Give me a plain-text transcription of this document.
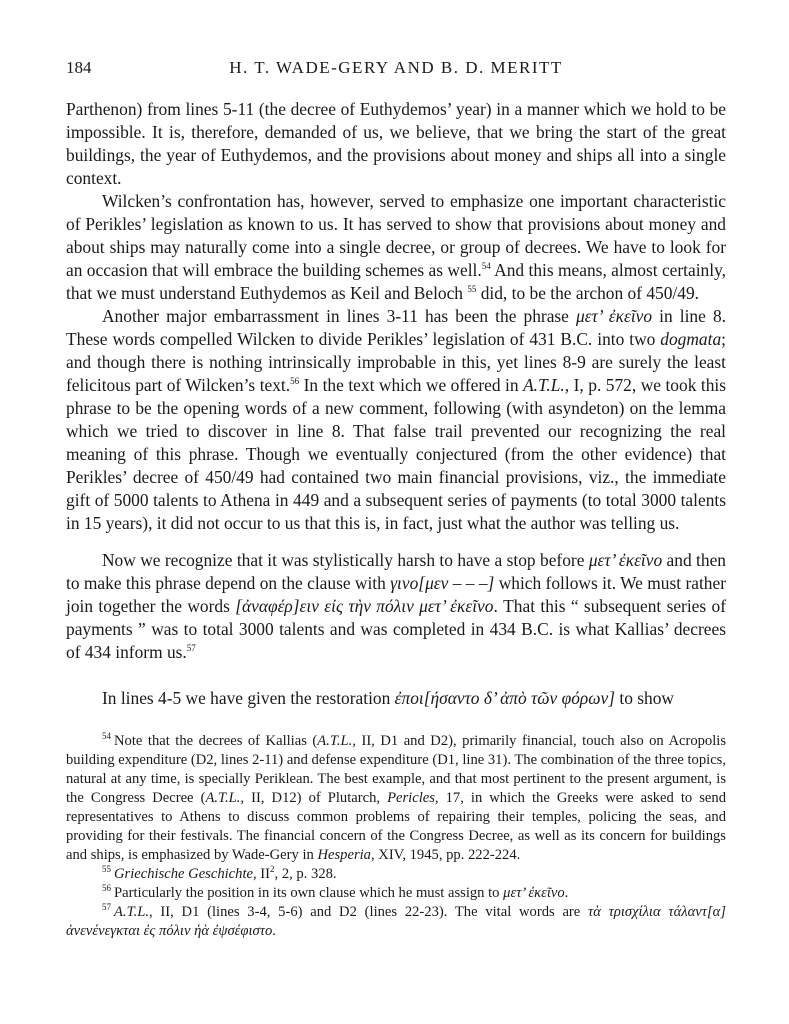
184	H. T. WADE-GERY AND B. D. MERITT

Parthenon) from lines 5-11 (the decree of Euthydemos’ year) in a manner which we hold to be impossible. It is, therefore, demanded of us, we believe, that we bring the start of the great buildings, the year of Euthydemos, and the provisions about money and ships all into a single context.

Wilcken’s confrontation has, however, served to emphasize one important characteristic of Perikles’ legislation as known to us. It has served to show that provisions about money and about ships may naturally come into a single decree, or group of decrees. We have to look for an occasion that will embrace the building schemes as well.$^{54}$ And this means, almost certainly, that we must understand Euthydemos as Keil and Beloch $^{55}$ did, to be the archon of 450/49.

Another major embarrassment in lines 3-11 has been the phrase μετ’ ἐκεῖνο in line 8. These words compelled Wilcken to divide Perikles’ legislation of 431 B.C. into two dogmata; and though there is nothing intrinsically improbable in this, yet lines 8-9 are surely the least felicitous part of Wilcken’s text.$^{56}$ In the text which we offered in A.T.L., I, p. 572, we took this phrase to be the opening words of a new comment, following (with asyndeton) on the lemma which we tried to discover in line 8. That false trail prevented our recognizing the real meaning of this phrase. Though we eventually conjectured (from the other evidence) that Perikles’ decree of 450/49 had contained two main financial provisions, viz., the immediate gift of 5000 talents to Athena in 449 and a subsequent series of payments (to total 3000 talents in 15 years), it did not occur to us that this is, in fact, just what the author was telling us.

Now we recognize that it was stylistically harsh to have a stop before μετ’ ἐκεῖνο and then to make this phrase depend on the clause with γινο[μεν – – –] which follows it. We must rather join together the words [ἀναφέρ]ειν εἰς τὴν πόλιν μετ’ ἐκεῖνο. That this “ subsequent series of payments ” was to total 3000 talents and was completed in 434 B.C. is what Kallias’ decrees of 434 inform us.$^{57}$

In lines 4-5 we have given the restoration ἐποι[ήσαντο δ’ ἀπὸ τῶν φόρων] to show

$^{54}$ Note that the decrees of Kallias (A.T.L., II, D1 and D2), primarily financial, touch also on Acropolis building expenditure (D2, lines 2-11) and defense expenditure (D1, line 31). The combination of the three topics, natural at any time, is specially Periklean. The best example, and that most pertinent to the present argument, is the Congress Decree (A.T.L., II, D12) of Plutarch, Pericles, 17, in which the Greeks were asked to send representatives to Athens to discuss common problems of repairing their temples, policing the seas, and providing for their festivals. The financial concern of the Congress Decree, as well as its concern for buildings and ships, is emphasized by Wade-Gery in Hesperia, XIV, 1945, pp. 222-224.

$^{55}$ Griechische Geschichte, II$^2$, 2, p. 328.

$^{56}$ Particularly the position in its own clause which he must assign to μετ’ ἐκεῖνο.

$^{57}$ A.T.L., II, D1 (lines 3-4, 5-6) and D2 (lines 22-23). The vital words are τὰ τρισχίλια τάλαντ[α] ἀνενένεγκται ἐς πόλιν ἡὰ ἐψσέφιστο.
